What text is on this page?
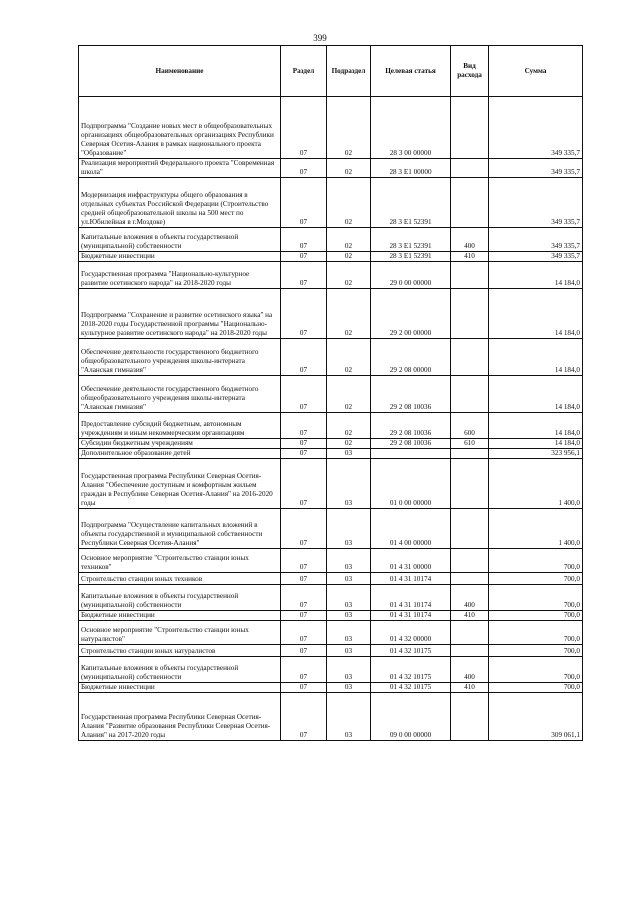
399
Наименование	Раздел	Подраздел	Целевая статья	Вид расхода	Сумма
Подпрограмма "Создание новых мест в общеобразовательных организациях общеобразовательных организациях Республики Северная Осетия-Алания в рамках национального проекта "Образование"	07	02	28 3 00 00000		349 335,7
Реализация мероприятий Федерального проекта "Современная школа"	07	02	28 3 E1 00000		349 335,7
Модернизация инфраструктуры общего образования в отдельных субъектах Российской Федерации (Строительство средней общеобразовательной школы на 500 мест по ул.Юбилейная в г.Моздоке)	07	02	28 3 E1 52391		349 335,7
Капитальные вложения в объекты государственной (муниципальной) собственности	07	02	28 3 E1 52391	400	349 335,7
Бюджетные инвестиции	07	02	28 3 E1 52391	410	349 335,7
Государственная программа "Национально-культурное развитие осетинского народа" на 2018-2020 годы	07	02	29 0 00 00000		14 184,0
Подпрограмма "Сохранение и развитие осетинского языка" на 2018-2020 годы Государственной программы "Национально-культурное развитие осетинского народа" на 2018-2020 годы	07	02	29 2 00 00000		14 184,0
Обеспечение деятельности государственного бюджетного общеобразовательного учреждения школы-интерната "Аланская гимназия"	07	02	29 2 08 00000		14 184,0
Обеспечение деятельности государственного бюджетного общеобразовательного учреждения школы-интерната "Аланская гимназия"	07	02	29 2 08 10036		14 184,0
Предоставление субсидий бюджетным, автономным учреждениям и иным некоммерческим организациям	07	02	29 2 08 10036	600	14 184,0
Субсидии бюджетным учреждениям	07	02	29 2 08 10036	610	14 184,0
Дополнительное образование детей	07	03			323 956,1
Государственная программа Республики Северная Осетия-Алания "Обеспечение доступным и комфортным жильем граждан в Республике Северная Осетия-Алания" на 2016-2020 годы	07	03	01 0 00 00000		1 400,0
Подпрограмма "Осуществление капитальных вложений в объекты государственной и муниципальной собственности Республики Северная Осетия-Алания"	07	03	01 4 00 00000		1 400,0
Основное мероприятие "Строительство станции юных техников"	07	03	01 4 31 00000		700,0
Строительство станции юных техников	07	03	01 4 31 10174		700,0
Капитальные вложения в объекты государственной (муниципальной) собственности	07	03	01 4 31 10174	400	700,0
Бюджетные инвестиции	07	03	01 4 31 10174	410	700,0
Основное мероприятие "Строительство станции юных натуралистов"	07	03	01 4 32 00000		700,0
Строительство станции юных натуралистов	07	03	01 4 32 10175		700,0
Капитальные вложения в объекты государственной (муниципальной) собственности	07	03	01 4 32 10175	400	700,0
Бюджетные инвестиции	07	03	01 4 32 10175	410	700,0
Государственная программа Республики Северная Осетия-Алания "Развитие образования Республики Северная Осетия-Алания" на 2017-2020 годы	07	03	09 0 00 00000		309 061,1
